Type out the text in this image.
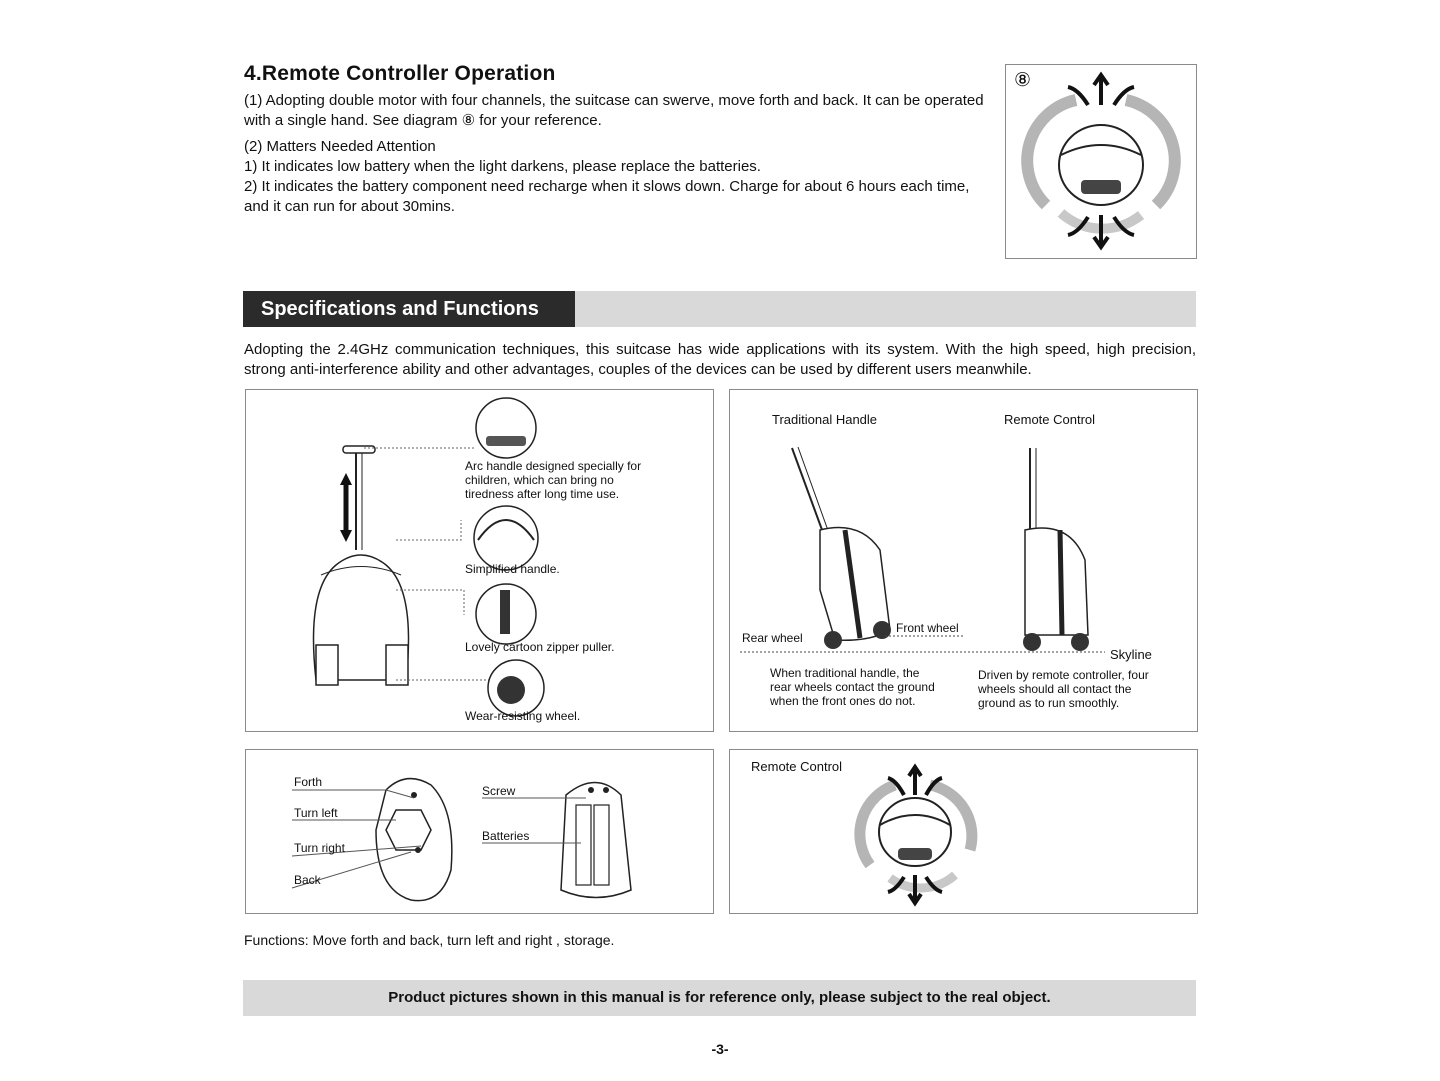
4.Remote Controller Operation
(1) Adopting double motor with four channels, the suitcase can swerve, move forth and back. It can be operated with a single hand. See diagram ⑧ for your reference.
(2) Matters Needed Attention
1) It indicates low battery when the light darkens, please replace the batteries.
2) It indicates the battery component need recharge when it slows down. Charge for about 6 hours each time, and it can run for about 30mins.
⑧
Specifications and Functions
Adopting the 2.4GHz communication techniques, this suitcase has wide applications with its system. With the high speed, high precision, strong anti-interference ability and other advantages, couples of the devices can be used by different users meanwhile.
Arc handle designed specially for children, which can bring no tiredness after long time use.
Simplified handle.
Lovely cartoon zipper puller.
Wear-resisting wheel.
Traditional Handle	Remote Control
Rear wheel
Front wheel
Skyline
When traditional handle, the rear wheels contact the ground when the front ones do not.
Driven by remote controller, four wheels should all contact the ground as to run smoothly.
Forth
Turn left
Turn right
Back
Screw
Batteries
Remote Control
Functions: Move forth and back, turn left and right , storage.
Product pictures shown in this manual is for reference only, please subject to the real object.
-3-
